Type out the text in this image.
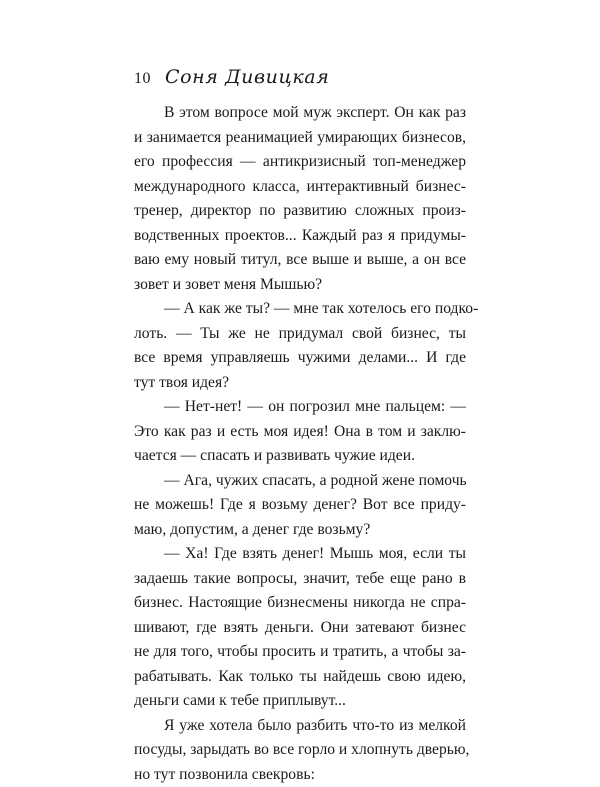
10 Соня Дивицкая
В этом вопросе мой муж эксперт. Он как раз
и занимается реанимацией умирающих бизнесов,
его профессия — антикризисный топ-менеджер
международного класса, интерактивный бизнес-
тренер, директор по развитию сложных произ-
водственных проектов... Каждый раз я придумы-
ваю ему новый титул, все выше и выше, а он все
зовет и зовет меня Мышью?
— А как же ты? — мне так хотелось его подко-
лоть. — Ты же не придумал свой бизнес, ты
все время управляешь чужими делами... И где
тут твоя идея?
— Нет-нет! — он погрозил мне пальцем: —
Это как раз и есть моя идея! Она в том и заклю-
чается — спасать и развивать чужие идеи.
— Ага, чужих спасать, а родной жене помочь
не можешь! Где я возьму денег? Вот все приду-
маю, допустим, а денег где возьму?
— Ха! Где взять денег! Мышь моя, если ты
задаешь такие вопросы, значит, тебе еще рано в
бизнес. Настоящие бизнесмены никогда не спра-
шивают, где взять деньги. Они затевают бизнес
не для того, чтобы просить и тратить, а чтобы за-
рабатывать. Как только ты найдешь свою идею,
деньги сами к тебе приплывут...
Я уже хотела было разбить что-то из мелкой
посуды, зарыдать во все горло и хлопнуть дверью,
но тут позвонила свекровь:
